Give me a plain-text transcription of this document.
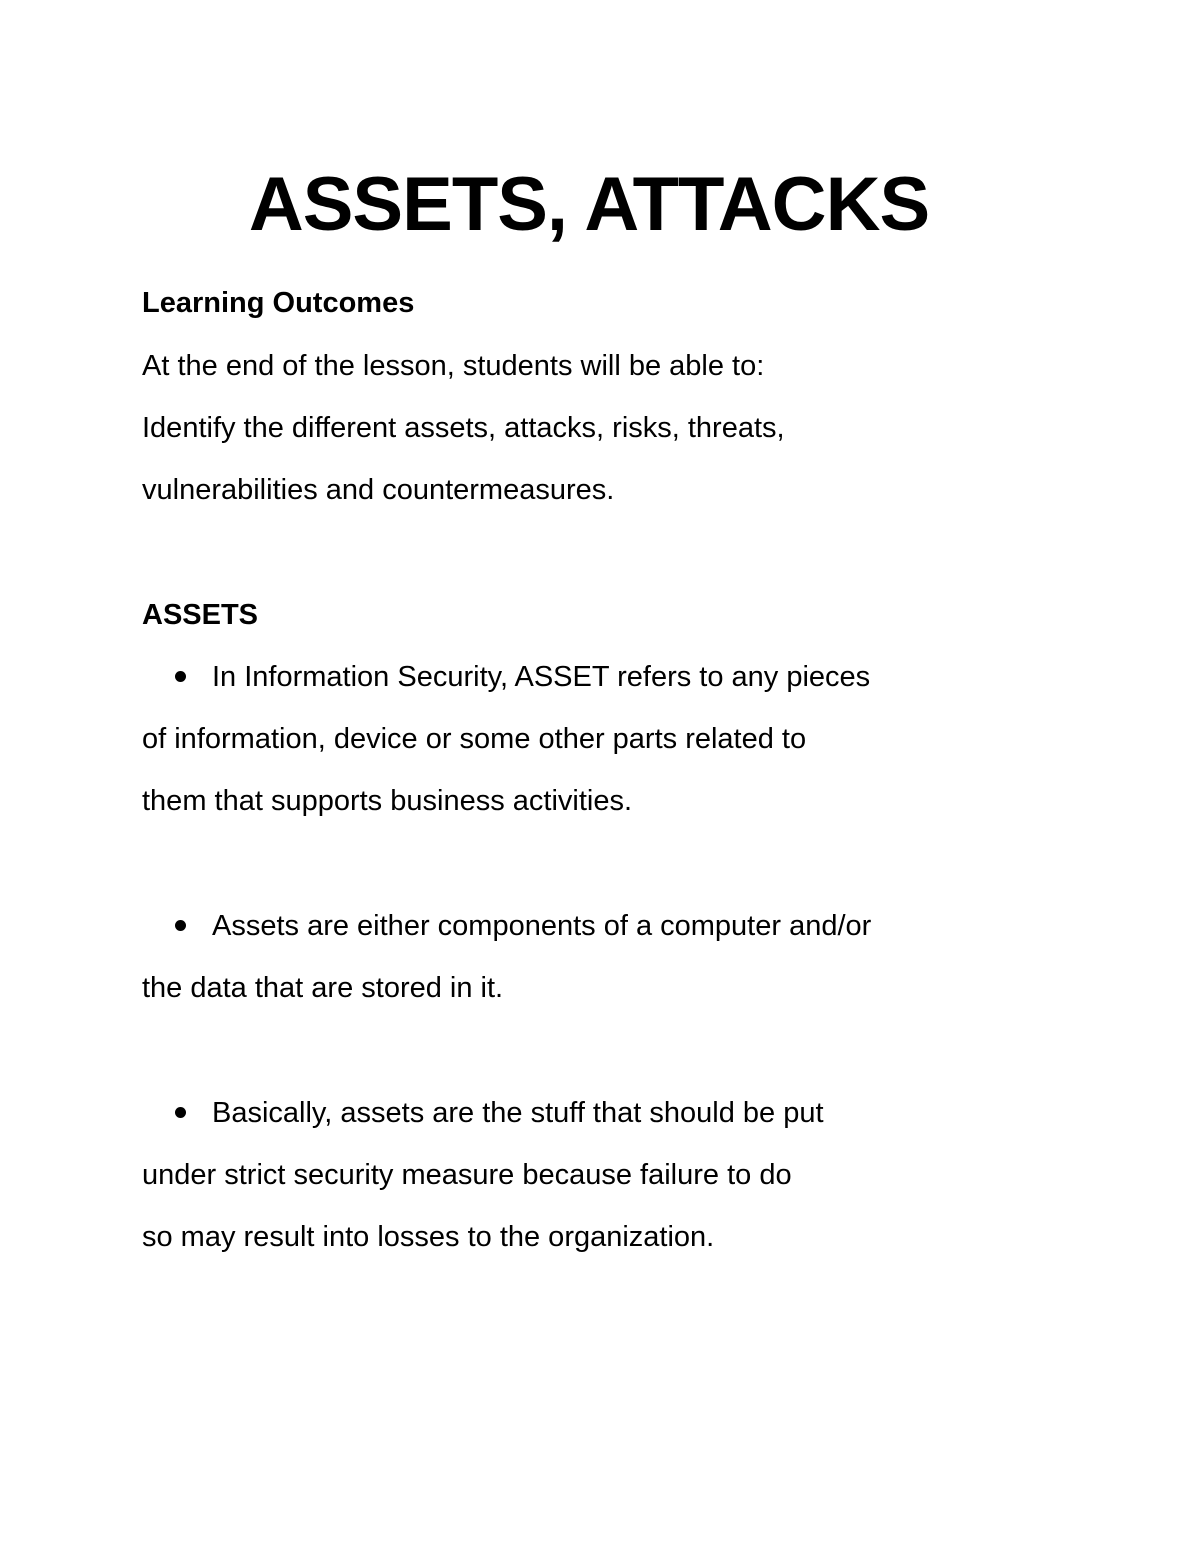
ASSETS, ATTACKS

Learning Outcomes

At the end of the lesson, students will be able to:

Identify the different assets, attacks, risks, threats,

vulnerabilities and countermeasures.

ASSETS

In Information Security, ASSET refers to any pieces

of information, device or some other parts related to

them that supports business activities.

Assets are either components of a computer and/or

the data that are stored in it.

Basically, assets are the stuff that should be put

under strict security measure because failure to do

so may result into losses to the organization.
